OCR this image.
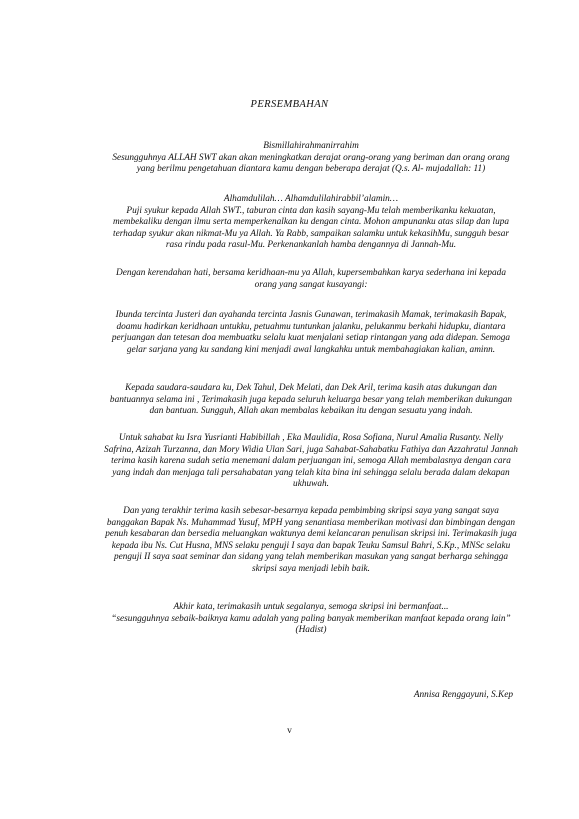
PERSEMBAHAN

Bismillahirahmanirrahim

Sesungguhnya ALLAH SWT akan akan meningkatkan derajat orang-orang yang beriman dan orang orang yang berilmu pengetahuan diantara kamu dengan beberapa derajat (Q.s. Al- mujadallah: 11)

Alhamdulilah… Alhamdulilahirabbil’alamin…

Puji syukur kepada Allah SWT., taburan cinta dan kasih sayang-Mu telah memberikanku kekuatan, membekaliku dengan ilmu serta memperkenalkan ku dengan cinta. Mohon ampunanku atas silap dan lupa terhadap syukur akan nikmat-Mu ya Allah. Ya Rabb, sampaikan salamku untuk kekasihMu, sungguh besar rasa rindu pada rasul-Mu. Perkenankanlah hamba dengannya di Jannah-Mu.

Dengan kerendahan hati, bersama keridhaan-mu ya Allah, kupersembahkan karya sederhana ini kepada orang yang sangat kusayangi:

Ibunda tercinta Justeri dan ayahanda tercinta Jasnis Gunawan, terimakasih Mamak, terimakasih Bapak, doamu hadirkan keridhaan untukku, petuahmu tuntunkan jalanku, pelukanmu berkahi hidupku, diantara perjuangan dan tetesan doa membuatku selalu kuat menjalani setiap rintangan yang ada didepan. Semoga gelar sarjana yang ku sandang kini menjadi awal langkahku untuk membahagiakan kalian, aminn.

Kepada saudara-saudara ku, Dek Tahul, Dek Melati, dan Dek Aril, terima kasih atas dukungan dan bantuannya selama ini , Terimakasih juga kepada seluruh keluarga besar yang telah memberikan dukungan dan bantuan. Sungguh, Allah akan membalas kebaikan itu dengan sesuatu yang indah.

Untuk sahabat ku Isra Yusrianti Habibillah , Eka Maulidia, Rosa Sofiana, Nurul Amalia Rusanty. Nelly Safrina, Azizah Turzanna, dan Mory Widia Ulan Sari, juga Sahabat-Sahabatku Fathiya dan Azzahratul Jannah terima kasih karena sudah setia menemani dalam perjuangan ini, semoga Allah membalasnya dengan cara yang indah dan menjaga tali persahabatan yang telah kita bina ini sehingga selalu berada dalam dekapan ukhuwah.

Dan yang terakhir terima kasih sebesar-besarnya kepada pembimbing skripsi saya yang sangat saya banggakan Bapak Ns. Muhammad Yusuf, MPH yang senantiasa memberikan motivasi dan bimbingan dengan penuh kesabaran dan bersedia meluangkan waktunya demi kelancaran penulisan skripsi ini. Terimakasih juga kepada ibu Ns. Cut Husna, MNS selaku penguji I saya dan bapak Teuku Samsul Bahri, S.Kp., MNSc selaku penguji II saya saat seminar dan sidang yang telah memberikan masukan yang sangat berharga sehingga skripsi saya menjadi lebih baik.

Akhir kata, terimakasih untuk segalanya, semoga skripsi ini bermanfaat...

“sesungguhnya sebaik-baiknya kamu adalah yang paling banyak memberikan manfaat kepada orang lain” (Hadist)

Annisa Renggayuni, S.Kep
v
